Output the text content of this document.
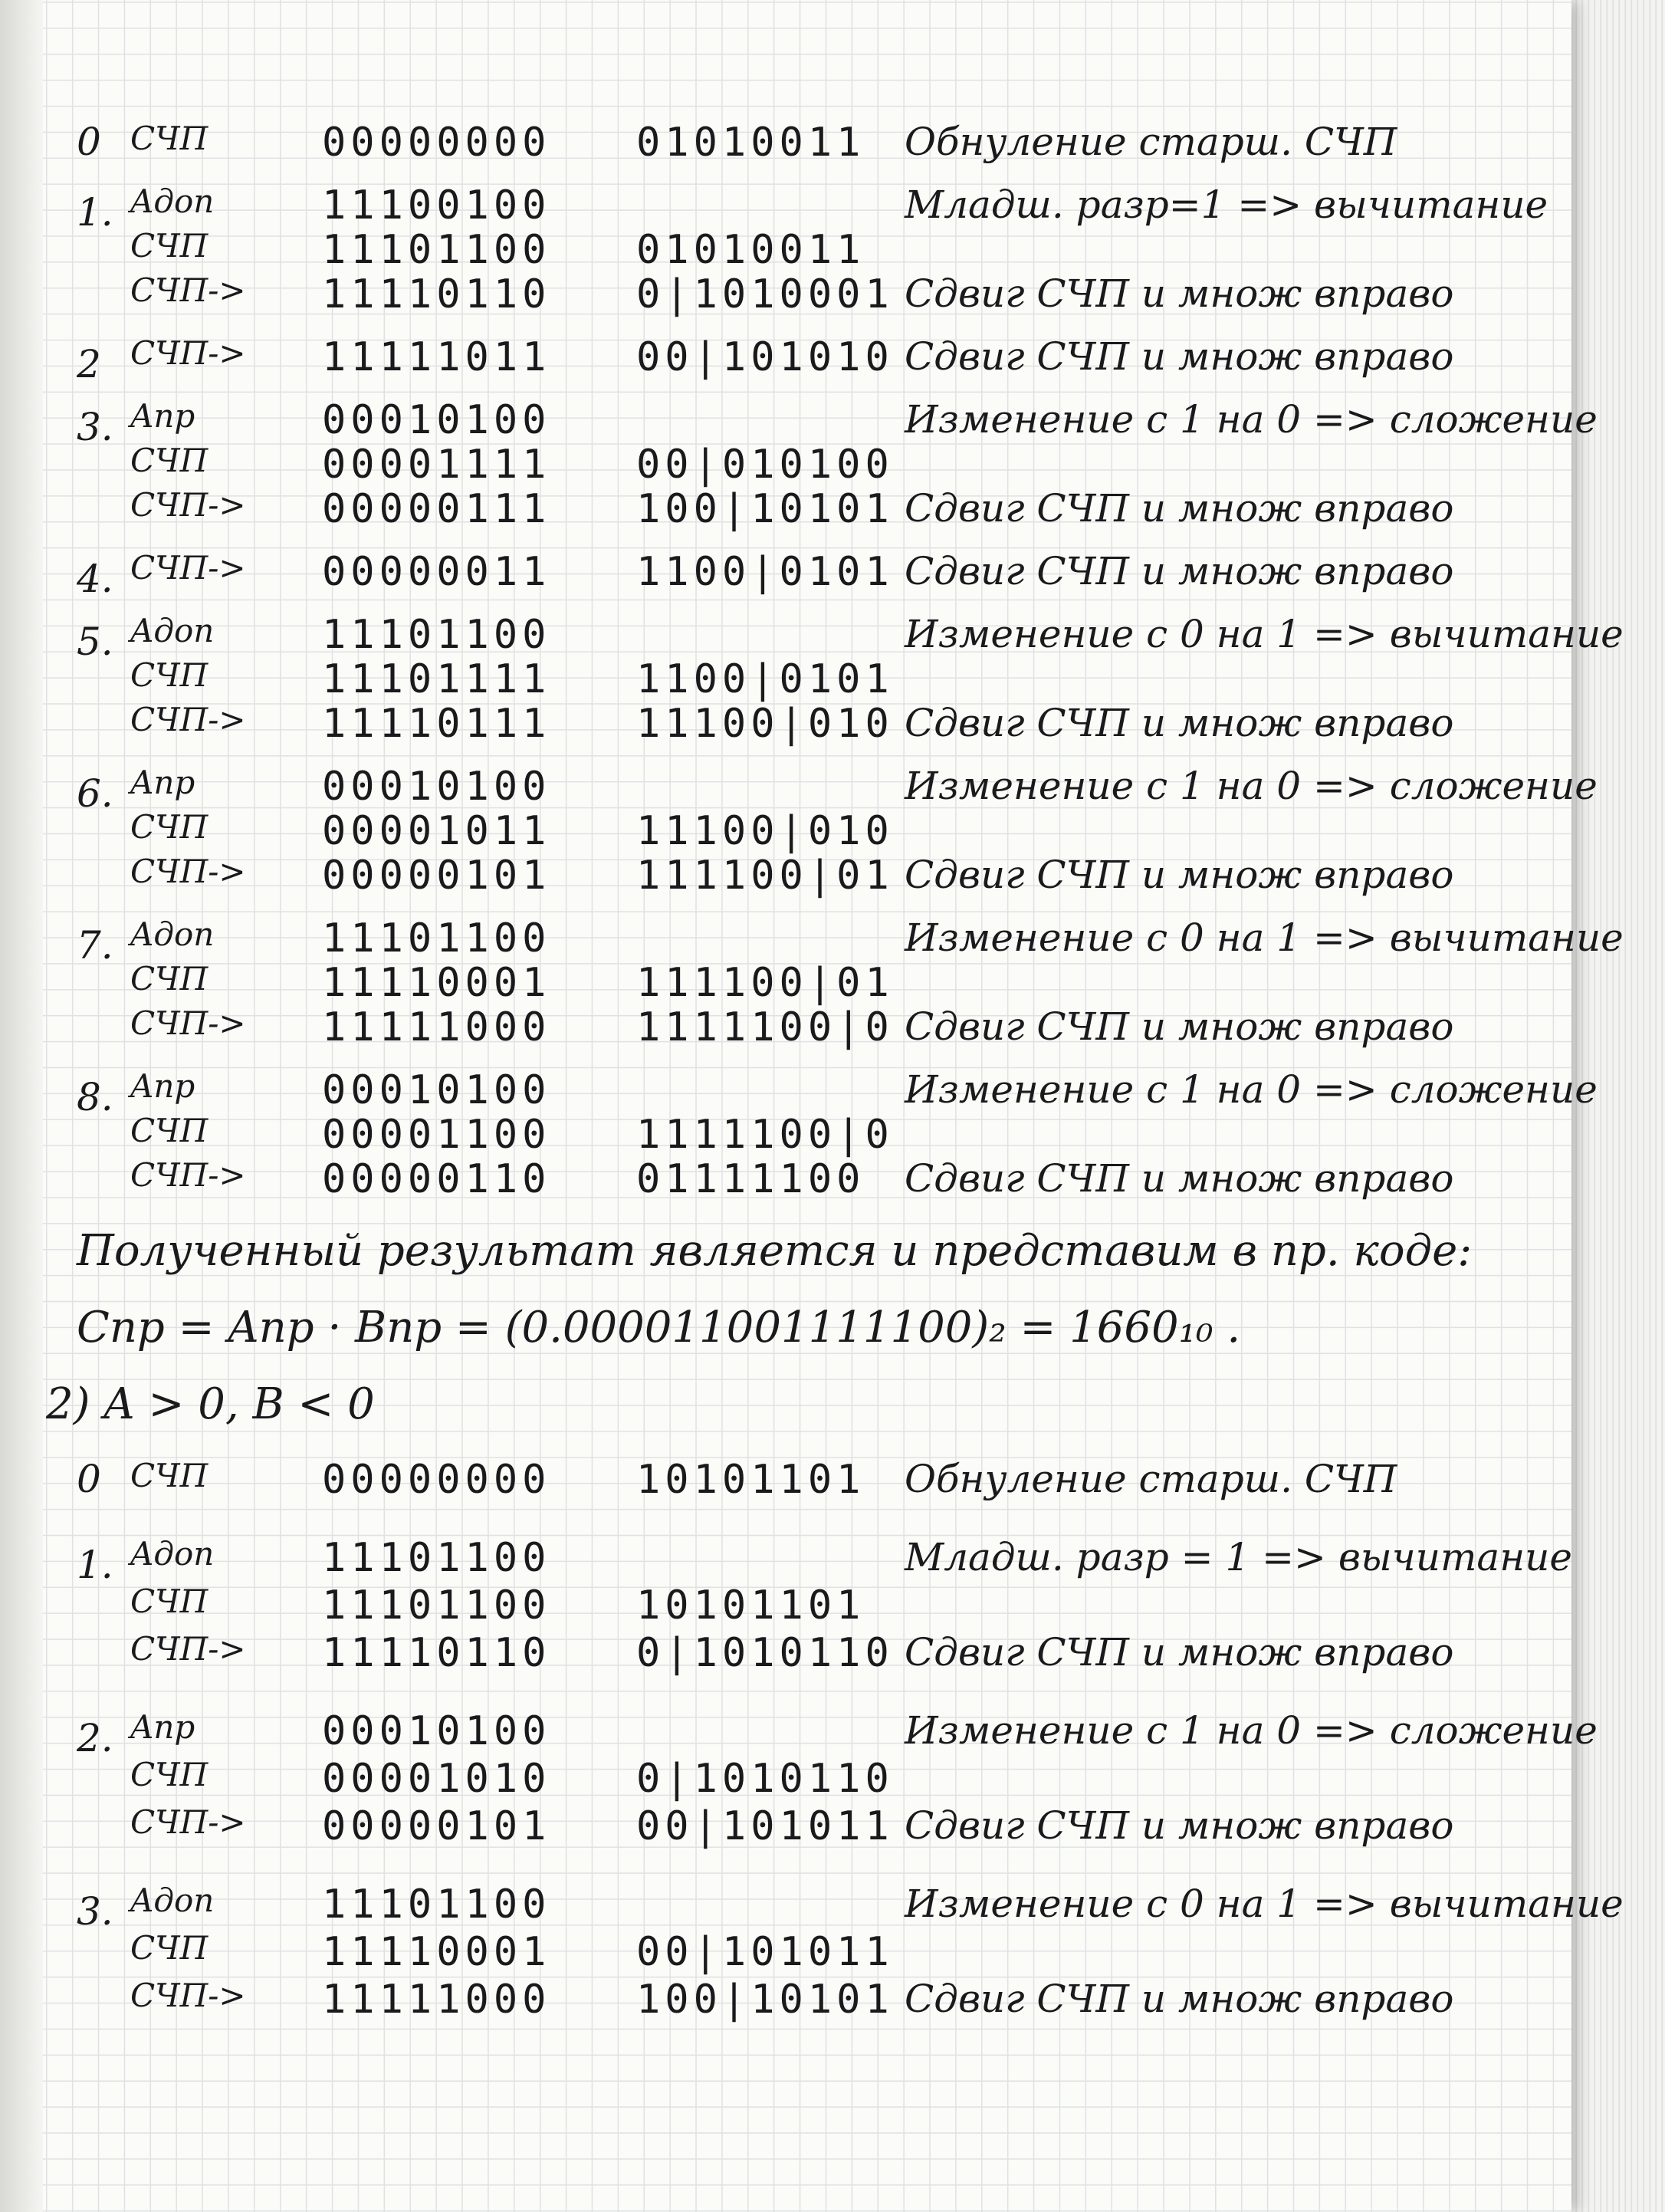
0 СЧП	00000000 01010011 Обнуление старш. СЧП
1. Aдоп	11100100	Младш. разр=1 => вычитание
СЧП	11101100 01010011
СЧП-> 11110110 0|1010001 Сдвиг СЧП и множ вправо
2 СЧП-> 11111011 00|101010 Сдвиг СЧП и множ вправо
3. Aпр	00010100	Изменение с 1 на 0 => сложение
СЧП	00001111 00|010100
СЧП-> 00000111 100|10101 Сдвиг СЧП и множ вправо
4. СЧП-> 00000011 1100|0101 Сдвиг СЧП и множ вправо
5. Aдоп	11101100	Изменение с 0 на 1 => вычитание
СЧП	11101111 1100|0101
СЧП-> 11110111 11100|010 Сдвиг СЧП и множ вправо
6. Aпр	00010100	Изменение с 1 на 0 => сложение
СЧП	00001011 11100|010
СЧП-> 00000101 111100|01 Сдвиг СЧП и множ вправо
7. Aдоп	11101100	Изменение с 0 на 1 => вычитание
СЧП	11110001 111100|01
СЧП-> 11111000 1111100|0 Сдвиг СЧП и множ вправо
8. Aпр	00010100	Изменение с 1 на 0 => сложение
СЧП	00001100 1111100|0
СЧП-> 00000110 01111100 Сдвиг СЧП и множ вправо
Полученный результат является и представим в пр. коде:
Cпр = Aпр · Bпр = (0.000011001111100)₂ = 1660₁₀ .
2) A > 0, B < 0
0 СЧП	00000000 10101101 Обнуление старш. СЧП
1. Aдоп	11101100	Младш. разр = 1 => вычитание
СЧП	11101100 10101101
СЧП-> 11110110 0|1010110 Сдвиг СЧП и множ вправо
2. Aпр	00010100	Изменение с 1 на 0 => сложение
СЧП	00001010 0|1010110
СЧП-> 00000101 00|101011 Сдвиг СЧП и множ вправо
3. Aдоп	11101100	Изменение с 0 на 1 => вычитание
СЧП	11110001 00|101011
СЧП-> 11111000 100|10101 Сдвиг СЧП и множ вправо
